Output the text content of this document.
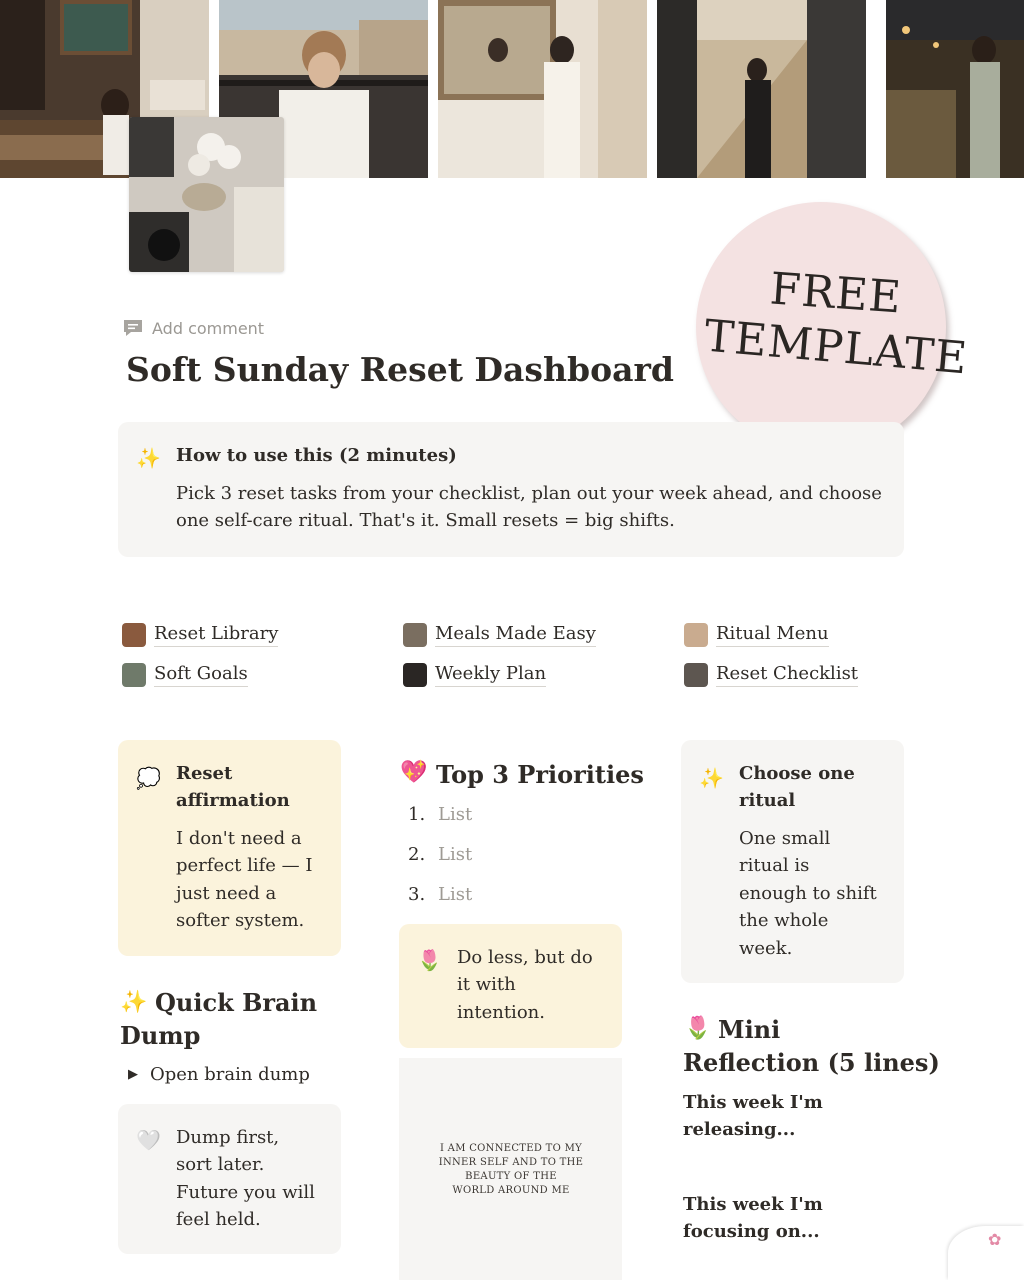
FREE
TEMPLATE
Add comment
Soft Sunday Reset Dashboard
✨ How to use this (2 minutes)
Pick 3 reset tasks from your checklist, plan out your week ahead, and choose
one self-care ritual. That's it. Small resets = big shifts.
Reset Library	Meals Made Easy	Ritual Menu
Soft Goals	Weekly Plan	Reset Checklist
💭 Reset
affirmation
I don't need a
perfect life — I
just need a
softer system.
✨ Quick Brain
Dump
▶ Open brain dump
🤍 Dump first,
sort later.
Future you will
feel held.
💖 Top 3 Priorities
1. List
2. List
3. List
🌷 Do less, but do
it with
intention.
I AM CONNECTED TO MY
INNER SELF AND TO THE
BEAUTY OF THE
WORLD AROUND ME
✨ Choose one
ritual
One small
ritual is
enough to shift
the whole
week.
🌷 Mini
Reflection (5 lines)
This week I'm
releasing...
This week I'm
focusing on...	✿
